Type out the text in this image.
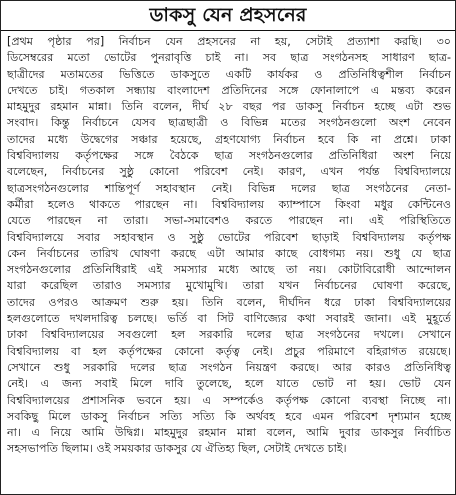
ডাকসু যেন প্রহসনের
[প্রথম পৃষ্ঠার পর] নির্বাচন যেন প্রহসনের না হয়, সেটাই প্রত্যাশা করছি। ৩০
ডিসেম্বরের মতো ভোটের পুনরাবৃত্তি চাই না। সব ছাত্র সংগঠনসহ সাধারণ ছাত্র-
ছাত্রীদের মতামতের ভিত্তিতে ডাকসুতে একটি কার্যকর ও প্রতিনিধিত্বশীল নির্বাচন
দেখতে চাই। গতকাল সন্ধ্যায় বাংলাদেশ প্রতিদিনের সঙ্গে ফোনালাপে এ মন্তব্য করেন
মাহমুদুর রহমান মান্না। তিনি বলেন, দীর্ঘ ২৮ বছর পর ডাকসু নির্বাচন হচ্ছে এটা শুভ
সংবাদ। কিন্তু নির্বাচনে যেসব ছাত্রছাত্রী ও বিভিন্ন মতের সংগঠনগুলো অংশ নেবেন
তাদের মধ্যে উদ্বেগের সঞ্চার হয়েছে, গ্রহণযোগ্য নির্বাচন হবে কি না প্রশ্নে। ঢাকা
বিশ্ববিদ্যালয় কর্তৃপক্ষের সঙ্গে বৈঠকে ছাত্র সংগঠনগুলোর প্রতিনিধিরা অংশ নিয়ে
বলেছেন, নির্বাচনের সুষ্ঠু কোনো পরিবেশ নেই। কারণ, এখন পর্যন্ত বিশ্ববিদ্যালয়ে
ছাত্রসংগঠনগুলোর শান্তিপূর্ণ সহাবস্থান নেই। বিভিন্ন দলের ছাত্র সংগঠনের নেতা-
কর্মীরা হলেও থাকতে পারছেন না। বিশ্ববিদ্যালয় ক্যাম্পাসে কিংবা মধুর কেন্টিনেও
যেতে পারছেন না তারা। সভা-সমাবেশও করতে পারছেন না। এই পরিস্থিতিতে
বিশ্ববিদ্যালয়ে সবার সহাবস্থান ও সুষ্ঠু ভোটের পরিবেশ ছাড়াই বিশ্ববিদ্যালয় কর্তৃপক্ষ
কেন নির্বাচনের তারিখ ঘোষণা করছে এটা আমার কাছে বোধগম্য নয়। শুধু যে ছাত্র
সংগঠনগুলোর প্রতিনিধিরাই এই সমস্যার মধ্যে আছে তা নয়। কোটাবিরোধী আন্দোলন
যারা করেছিল তারাও সমস্যার মুখোমুখি। তারা যখন নির্বাচনের ঘোষণা করেছে,
তাদের ওপরও আক্রমণ শুরু হয়। তিনি বলেন, দীর্ঘদিন ধরে ঢাকা বিশ্ববিদ্যালয়ের
হলগুলোতে দখলদারিত্ব চলছে। ভর্তি বা সিট বাণিজ্যের কথা সবারই জানা। এই মুহূর্তে
ঢাকা বিশ্ববিদ্যালয়ের সবগুলো হল সরকারি দলের ছাত্র সংগঠনের দখলে। সেখানে
বিশ্ববিদ্যালয় বা হল কর্তৃপক্ষের কোনো কর্তৃত্ব নেই। প্রচুর পরিমাণে বহিরাগত রয়েছে।
সেখানে শুধু সরকারি দলের ছাত্র সংগঠন নিয়ন্ত্রণ করছে। আর কারও প্রতিনিধিত্ব
নেই। এ জন্য সবাই মিলে দাবি তুলেছে, হলে যাতে ভোট না হয়। ভোট যেন
বিশ্ববিদ্যালয়ের প্রশাসনিক ভবনে হয়। এ সম্পর্কেও কর্তৃপক্ষ কোনো ব্যবস্থা নিচ্ছে না।
সবকিছু মিলে ডাকসু নির্বাচন সত্যি সত্যি কি অর্থবহ হবে এমন পরিবেশ দৃশ্যমান হচ্ছে
না। এ নিয়ে আমি উদ্বিগ্ন। মাহমুদুর রহমান মান্না বলেন, আমি দুবার ডাকসুর নির্বাচিত
সহসভাপতি ছিলাম। ওই সময়কার ডাকসুর যে ঐতিহ্য ছিল, সেটাই দেখতে চাই।
